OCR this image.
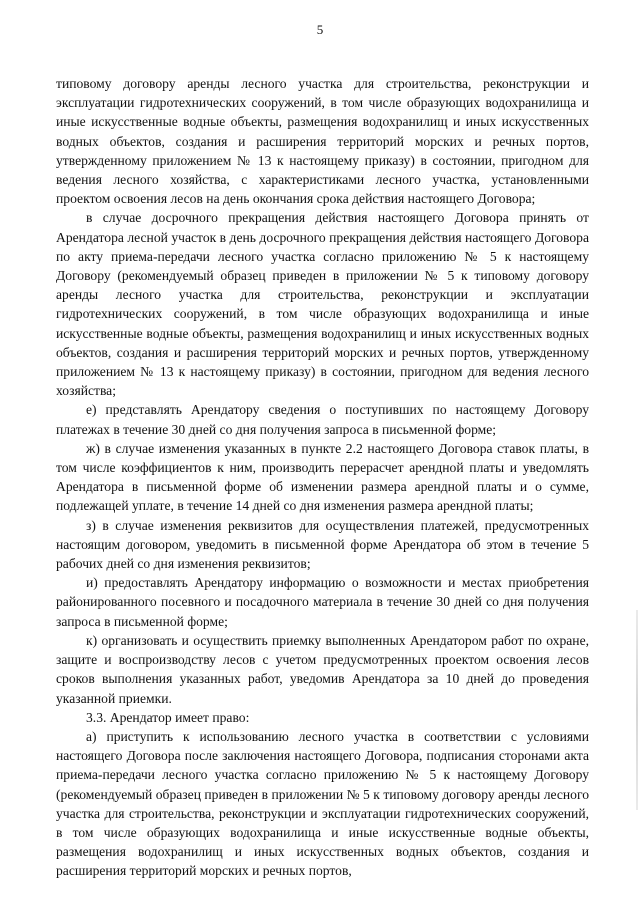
5

типовому договору аренды лесного участка для строительства, реконструкции и эксплуатации гидротехнических сооружений, в том числе образующих водохранилища и иные искусственные водные объекты, размещения водохранилищ и иных искусственных водных объектов, создания и расширения территорий морских и речных портов, утвержденному приложением № 13 к настоящему приказу) в состоянии, пригодном для ведения лесного хозяйства, с характеристиками лесного участка, установленными проектом освоения лесов на день окончания срока действия настоящего Договора;

в случае досрочного прекращения действия настоящего Договора принять от Арендатора лесной участок в день досрочного прекращения действия настоящего Договора по акту приема-передачи лесного участка согласно приложению № 5 к настоящему Договору (рекомендуемый образец приведен в приложении № 5 к типовому договору аренды лесного участка для строительства, реконструкции и эксплуатации гидротехнических сооружений, в том числе образующих водохранилища и иные искусственные водные объекты, размещения водохранилищ и иных искусственных водных объектов, создания и расширения территорий морских и речных портов, утвержденному приложением № 13 к настоящему приказу) в состоянии, пригодном для ведения лесного хозяйства;

е) представлять Арендатору сведения о поступивших по настоящему Договору платежах в течение 30 дней со дня получения запроса в письменной форме;

ж) в случае изменения указанных в пункте 2.2 настоящего Договора ставок платы, в том числе коэффициентов к ним, производить перерасчет арендной платы и уведомлять Арендатора в письменной форме об изменении размера арендной платы и о сумме, подлежащей уплате, в течение 14 дней со дня изменения размера арендной платы;

з) в случае изменения реквизитов для осуществления платежей, предусмотренных настоящим договором, уведомить в письменной форме Арендатора об этом в течение 5 рабочих дней со дня изменения реквизитов;

и) предоставлять Арендатору информацию о возможности и местах приобретения районированного посевного и посадочного материала в течение 30 дней со дня получения запроса в письменной форме;

к) организовать и осуществить приемку выполненных Арендатором работ по охране, защите и воспроизводству лесов с учетом предусмотренных проектом освоения лесов сроков выполнения указанных работ, уведомив Арендатора за 10 дней до проведения указанной приемки.

3.3. Арендатор имеет право:

а) приступить к использованию лесного участка в соответствии с условиями настоящего Договора после заключения настоящего Договора, подписания сторонами акта приема-передачи лесного участка согласно приложению № 5 к настоящему Договору (рекомендуемый образец приведен в приложении № 5 к типовому договору аренды лесного участка для строительства, реконструкции и эксплуатации гидротехнических сооружений, в том числе образующих водохранилища и иные искусственные водные объекты, размещения водохранилищ и иных искусственных водных объектов, создания и расширения территорий морских и речных портов,
